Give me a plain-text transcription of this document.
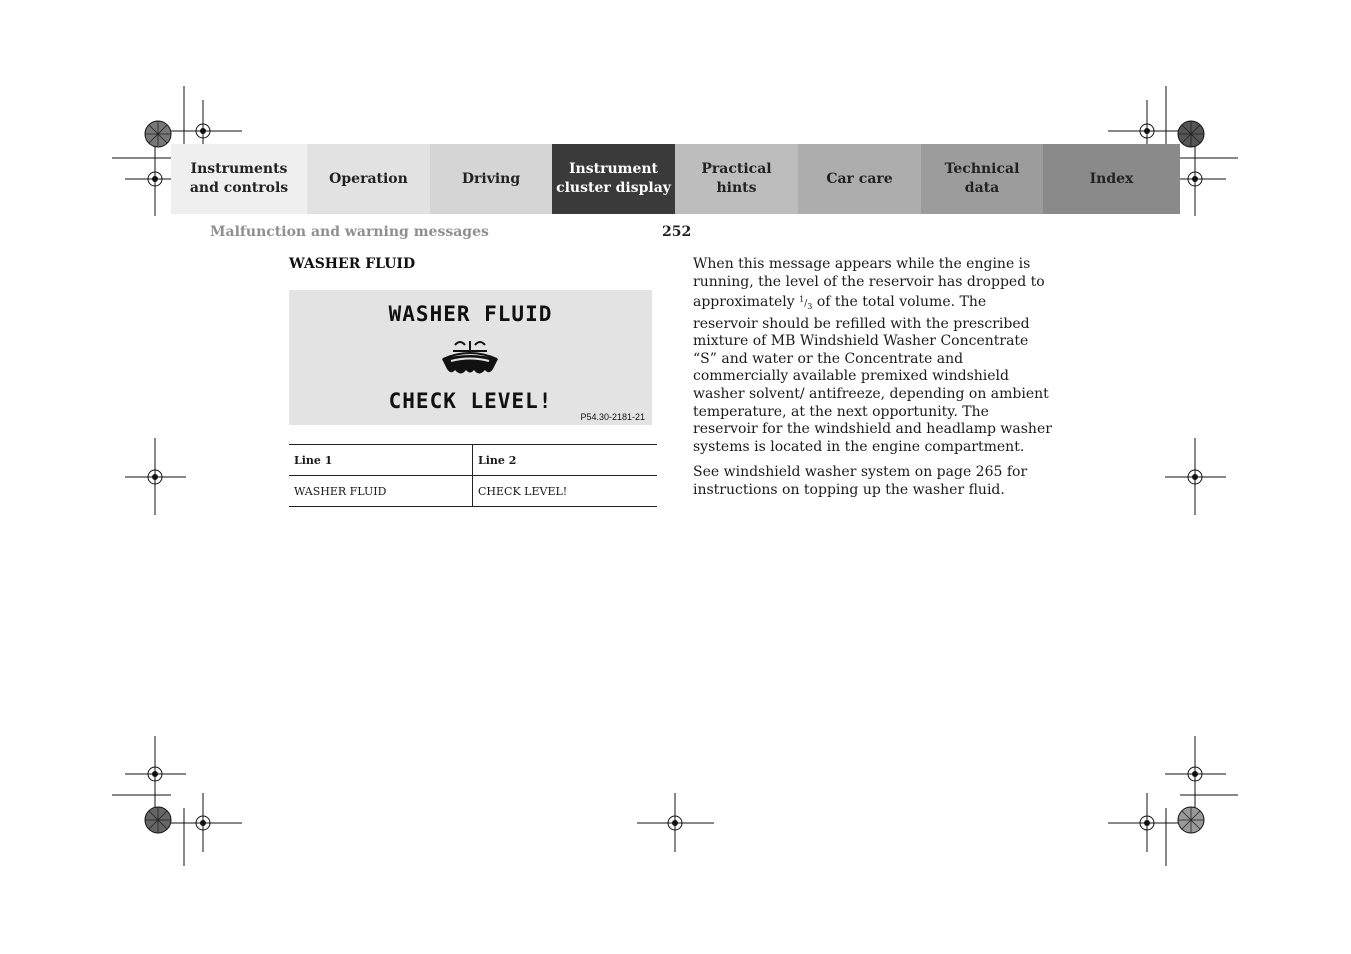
Instruments
and controls
Operation	Driving
Instrument
cluster display
Practical hints
Car care
Technical
data
Index
Malfunction and warning messages	252
WASHER FLUID
WASHER FLUID
CHECK LEVEL!
P54.30-2181-21
Line 1	Line 2
WASHER FLUID	CHECK LEVEL!

When this message appears while the engine is running, the level of the reservoir has dropped to approximately $^1/_3$ of the total volume. The reservoir should be refilled with the prescribed mixture of MB Windshield Washer Concentrate “S” and water or the Concentrate and commercially available premixed windshield washer solvent/ antifreeze, depending on ambient temperature, at the next opportunity. The reservoir for the windshield and headlamp washer systems is located in the engine compartment.

See windshield washer system on page 265 for instructions on topping up the washer fluid.
